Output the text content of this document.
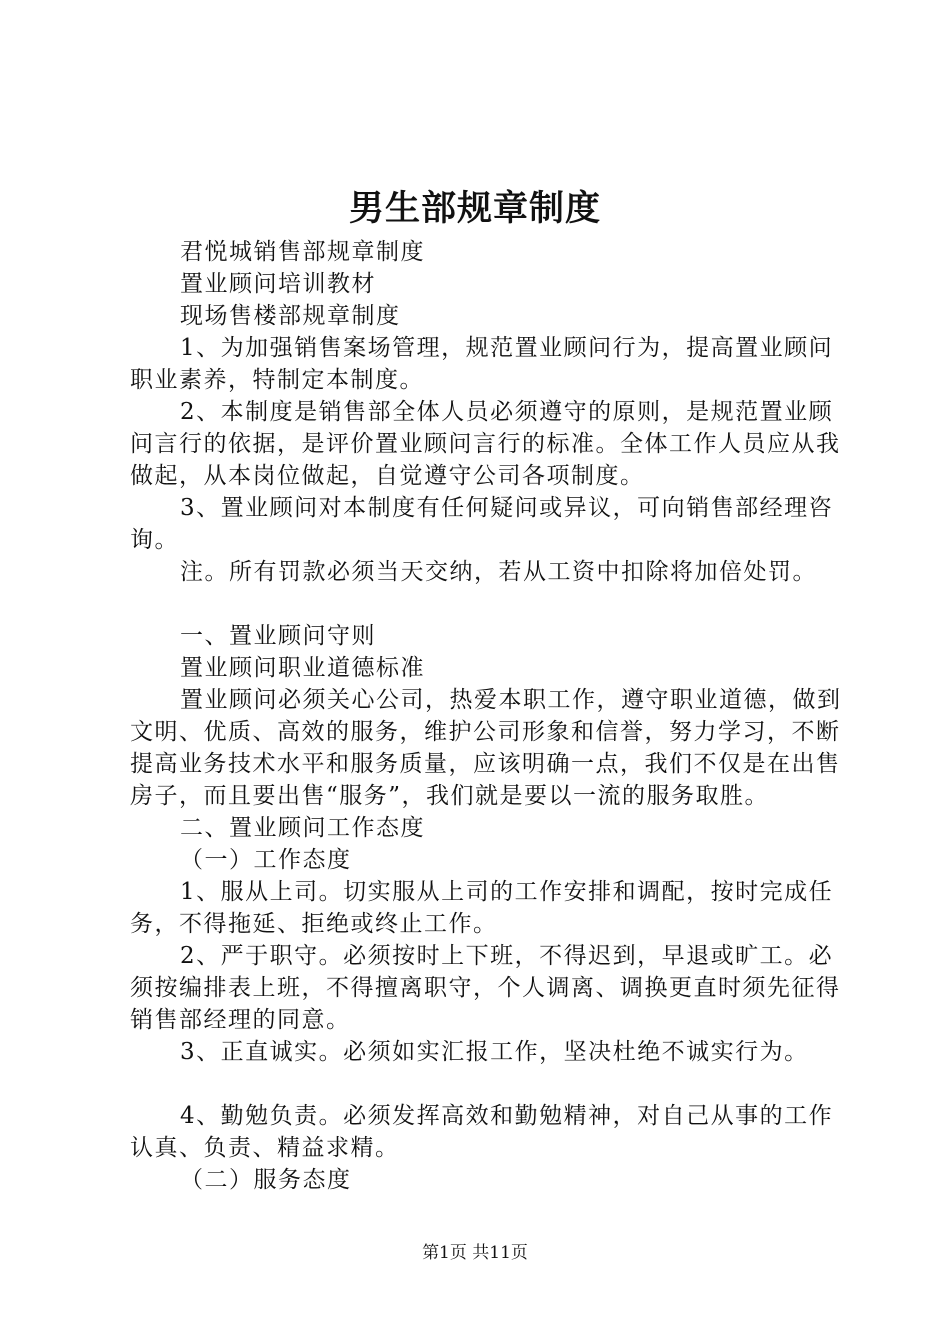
男生部规章制度

君悦城销售部规章制度

置业顾问培训教材

现场售楼部规章制度

1、为加强销售案场管理，规范置业顾问行为，提高置业顾问职业素养，特制定本制度。

2、本制度是销售部全体人员必须遵守的原则，是规范置业顾问言行的依据，是评价置业顾问言行的标准。全体工作人员应从我做起，从本岗位做起，自觉遵守公司各项制度。

3、置业顾问对本制度有任何疑问或异议，可向销售部经理咨询。

注。所有罚款必须当天交纳，若从工资中扣除将加倍处罚。

一、置业顾问守则

置业顾问职业道德标准

置业顾问必须关心公司，热爱本职工作，遵守职业道德，做到文明、优质、高效的服务，维护公司形象和信誉，努力学习，不断提高业务技术水平和服务质量，应该明确一点，我们不仅是在出售房子，而且要出售“服务”，我们就是要以一流的服务取胜。

二、置业顾问工作态度

（一）工作态度

1、服从上司。切实服从上司的工作安排和调配，按时完成任务，不得拖延、拒绝或终止工作。

2、严于职守。必须按时上下班，不得迟到，早退或旷工。必须按编排表上班，不得擅离职守，个人调离、调换更直时须先征得销售部经理的同意。

3、正直诚实。必须如实汇报工作，坚决杜绝不诚实行为。

4、勤勉负责。必须发挥高效和勤勉精神，对自己从事的工作认真、负责、精益求精。

（二）服务态度

第1页 共11页
